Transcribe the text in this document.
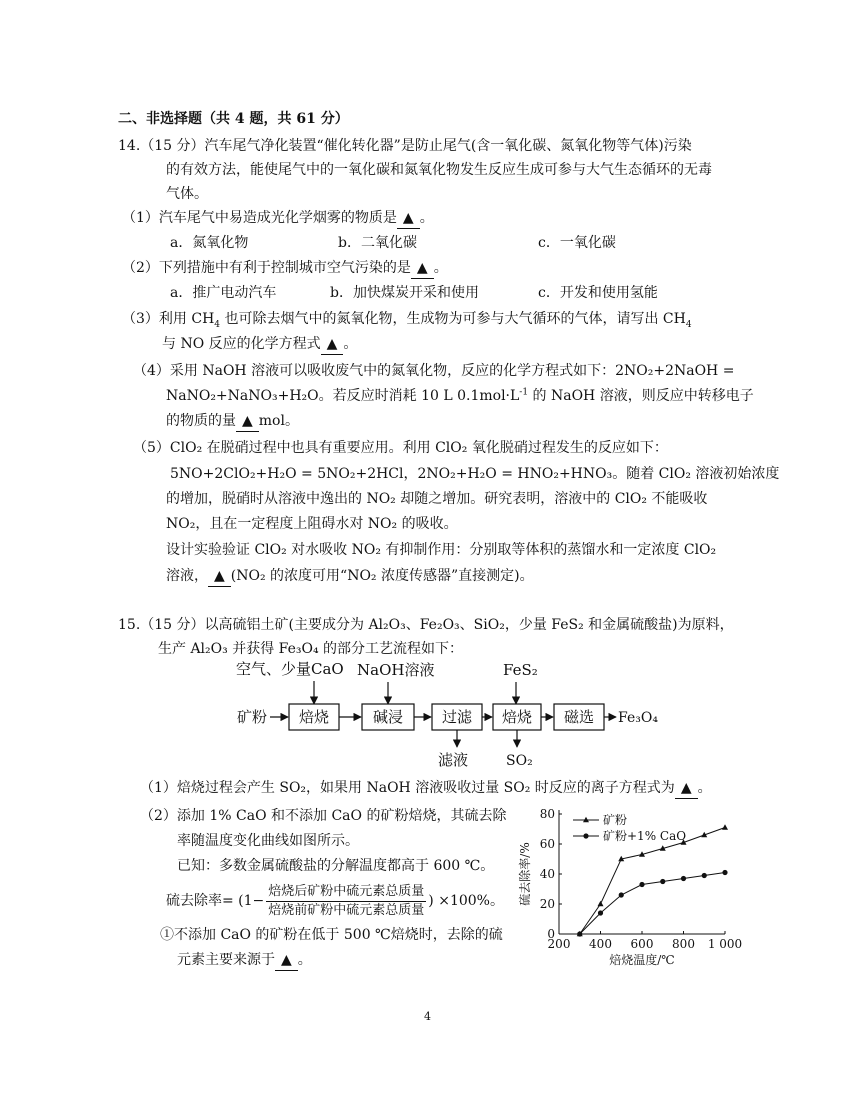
二、非选择题（共 4 题，共 61 分）
14.（15 分）汽车尾气净化装置“催化转化器”是防止尾气(含一氧化碳、氮氧化物等气体)污染
的有效方法，能使尾气中的一氧化碳和氮氧化物发生反应生成可参与大气生态循环的无毒
气体。
（1）汽车尾气中易造成光化学烟雾的物质是 ▲ 。
a．氮氧化物	b．二氧化碳	c．一氧化碳
（2）下列措施中有利于控制城市空气污染的是 ▲ 。
a．推广电动汽车	b．加快煤炭开采和使用	c．开发和使用氢能
（3）利用 $CH_4$ 也可除去烟气中的氮氧化物，生成物为可参与大气循环的气体，请写出 $CH_4$
与 NO 反应的化学方程式 ▲ 。
（4）采用 NaOH 溶液可以吸收废气中的氮氧化物，反应的化学方程式如下：2NO₂+2NaOH =
NaNO₂+NaNO₃+H₂O。若反应时消耗 10 L $0.1mol\cdot L^{-1}$ 的 NaOH 溶液，则反应中转移电子
的物质的量 ▲ mol。
（5）ClO₂ 在脱硝过程中也具有重要应用。利用 ClO₂ 氧化脱硝过程发生的反应如下：
5NO+2ClO₂+H₂O = 5NO₂+2HCl，2NO₂+H₂O = HNO₂+HNO₃。随着 ClO₂ 溶液初始浓度
的增加，脱硝时从溶液中逸出的 NO₂ 却随之增加。研究表明，溶液中的 ClO₂ 不能吸收
NO₂，且在一定程度上阻碍水对 NO₂ 的吸收。
设计实验验证 ClO₂ 对水吸收 NO₂ 有抑制作用：分别取等体积的蒸馏水和一定浓度 ClO₂
溶液， ▲ (NO₂ 的浓度可用“NO₂ 浓度传感器”直接测定)。
15.（15 分）以高硫铝土矿(主要成分为 Al₂O₃、Fe₂O₃、SiO₂，少量 FeS₂ 和金属硫酸盐)为原料，
生产 Al₂O₃ 并获得 Fe₃O₄ 的部分工艺流程如下：
空气、少量CaO NaOH溶液	FeS₂
矿粉 焙烧	碱浸	过滤
滤液
焙烧
SO₂
磁选 Fe₃O₄
（1）焙烧过程会产生 SO₂，如果用 NaOH 溶液吸收过量 SO₂ 时反应的离子方程式为 ▲ 。
（2）添加 1% CaO 和不添加 CaO 的矿粉焙烧，其硫去除
率随温度变化曲线如图所示。
已知：多数金属硫酸盐的分解温度都高于 600 ℃。
硫去除率= ($1- \frac{\text{焙烧后矿粉中硫元素总质量}}{\text{焙烧前矿粉中硫元素总质量}}$ ) ×100%。
①不添加 CaO 的矿粉在低于 500 ℃焙烧时，去除的硫
元素主要来源于 ▲ 。
200 400 600 800 1 000
0
20
40
60
80
焙烧温度/℃
硫去除率/%
矿粉
矿粉+1% CaO
4
